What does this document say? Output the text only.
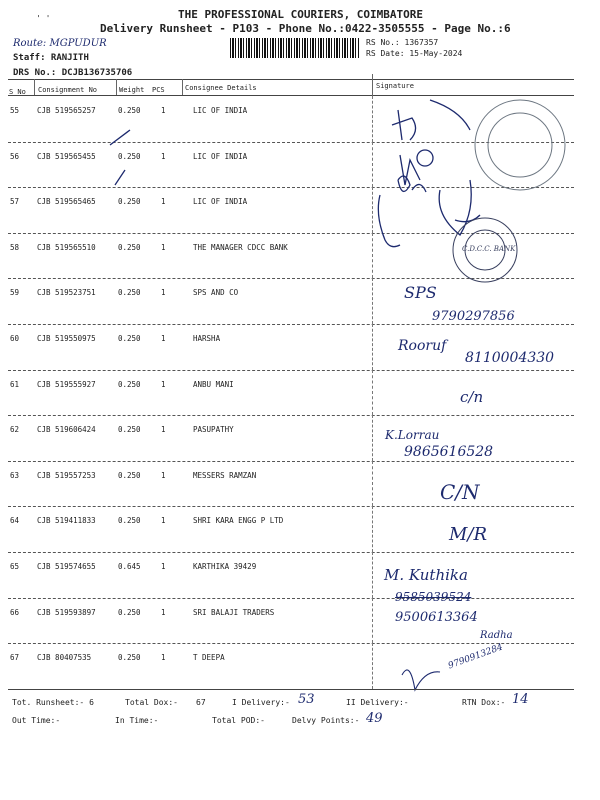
' '	THE PROFESSIONAL COURIERS, COIMBATORE
Delivery Runsheet - P103 - Phone No.:0422-3505555 - Page No.:6
Route: MGPUDUR
Staff: RANJITH
DRS No.: DCJB136735706
RS No.: 1367357
RS Date: 15-May-2024
S No Consignment No	Weight PCS	Consignee Details	Signature
55 CJB 519565257	0.250	1	LIC OF INDIA
56 CJB 519565455	0.250	1	LIC OF INDIA
57 CJB 519565465	0.250	1	LIC OF INDIA
58 CJB 519565510	0.250	1	THE MANAGER CDCC BANK
59 CJB 519523751	0.250	1	SPS AND CO
60 CJB 519550975	0.250	1	HARSHA
61 CJB 519555927	0.250	1	ANBU MANI
62 CJB 519606424	0.250	1	PASUPATHY
63 CJB 519557253	0.250	1	MESSERS RAMZAN
64 CJB 519411833	0.250	1	SHRI KARA ENGG P LTD
65 CJB 519574655	0.645	1	KARTHIKA 39429
66 CJB 519593897	0.250	1	SRI BALAJI TRADERS
67 CJB 80407535	0.250	1	T DEEPA
C.D.C.C. BANK
SPS
9790297856
Rooruf
8110004330
c/n
K.Lorrau
9865616528
C/N
M/R
M. Kuthika
9585039524
9500613364
Radha
9790913284
Tot. Runsheet:- 6	Total Dox:- 67	I Delivery:- 53	II Delivery:-	RTN Dox:- 14
Out Time:-	In Time:-	Total POD:-	Delvy Points:- 49
